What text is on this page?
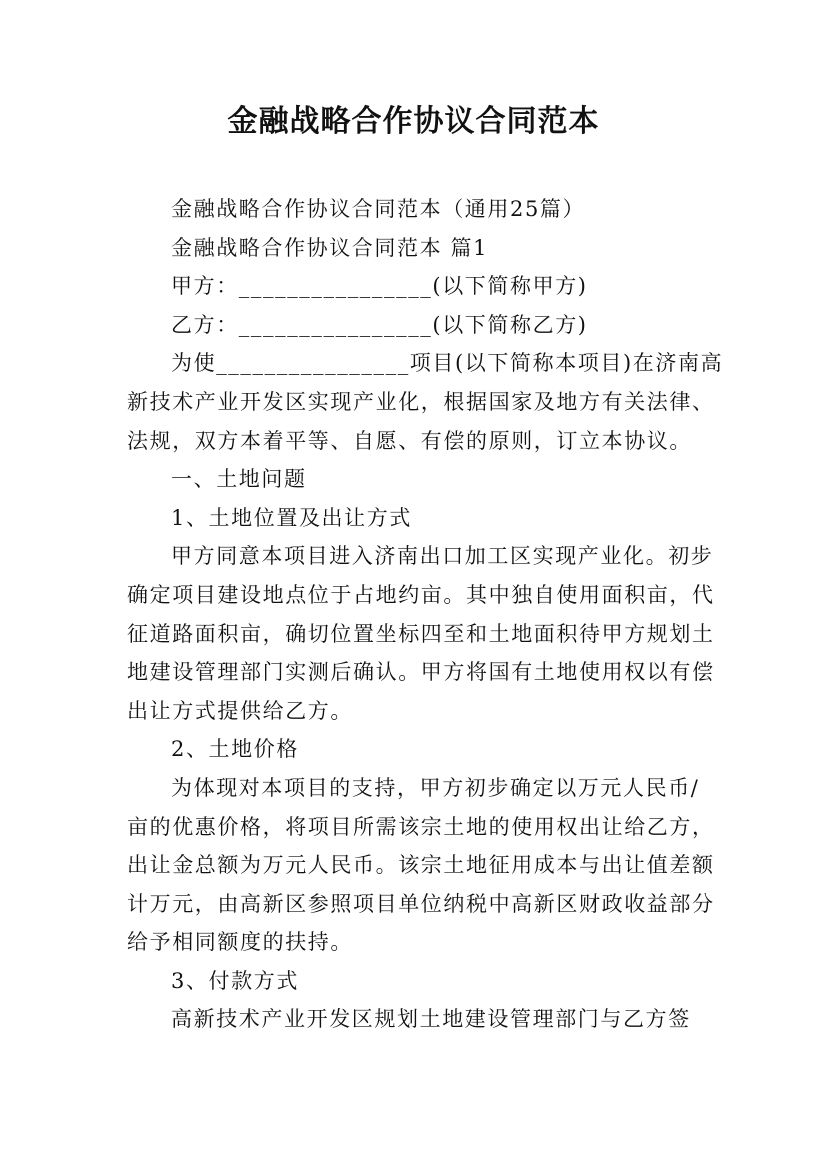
金融战略合作协议合同范本
金融战略合作协议合同范本（通用25篇）
金融战略合作协议合同范本 篇1
甲方：________________(以下简称甲方)
乙方：________________(以下简称乙方)
为使________________项目(以下简称本项目)在济南高
新技术产业开发区实现产业化，根据国家及地方有关法律、
法规，双方本着平等、自愿、有偿的原则，订立本协议。
一、土地问题
1、土地位置及出让方式
甲方同意本项目进入济南出口加工区实现产业化。初步
确定项目建设地点位于占地约亩。其中独自使用面积亩，代
征道路面积亩，确切位置坐标四至和土地面积待甲方规划土
地建设管理部门实测后确认。甲方将国有土地使用权以有偿
出让方式提供给乙方。
2、土地价格
为体现对本项目的支持，甲方初步确定以万元人民币/
亩的优惠价格，将项目所需该宗土地的使用权出让给乙方，
出让金总额为万元人民币。该宗土地征用成本与出让值差额
计万元，由高新区参照项目单位纳税中高新区财政收益部分
给予相同额度的扶持。
3、付款方式
高新技术产业开发区规划土地建设管理部门与乙方签
